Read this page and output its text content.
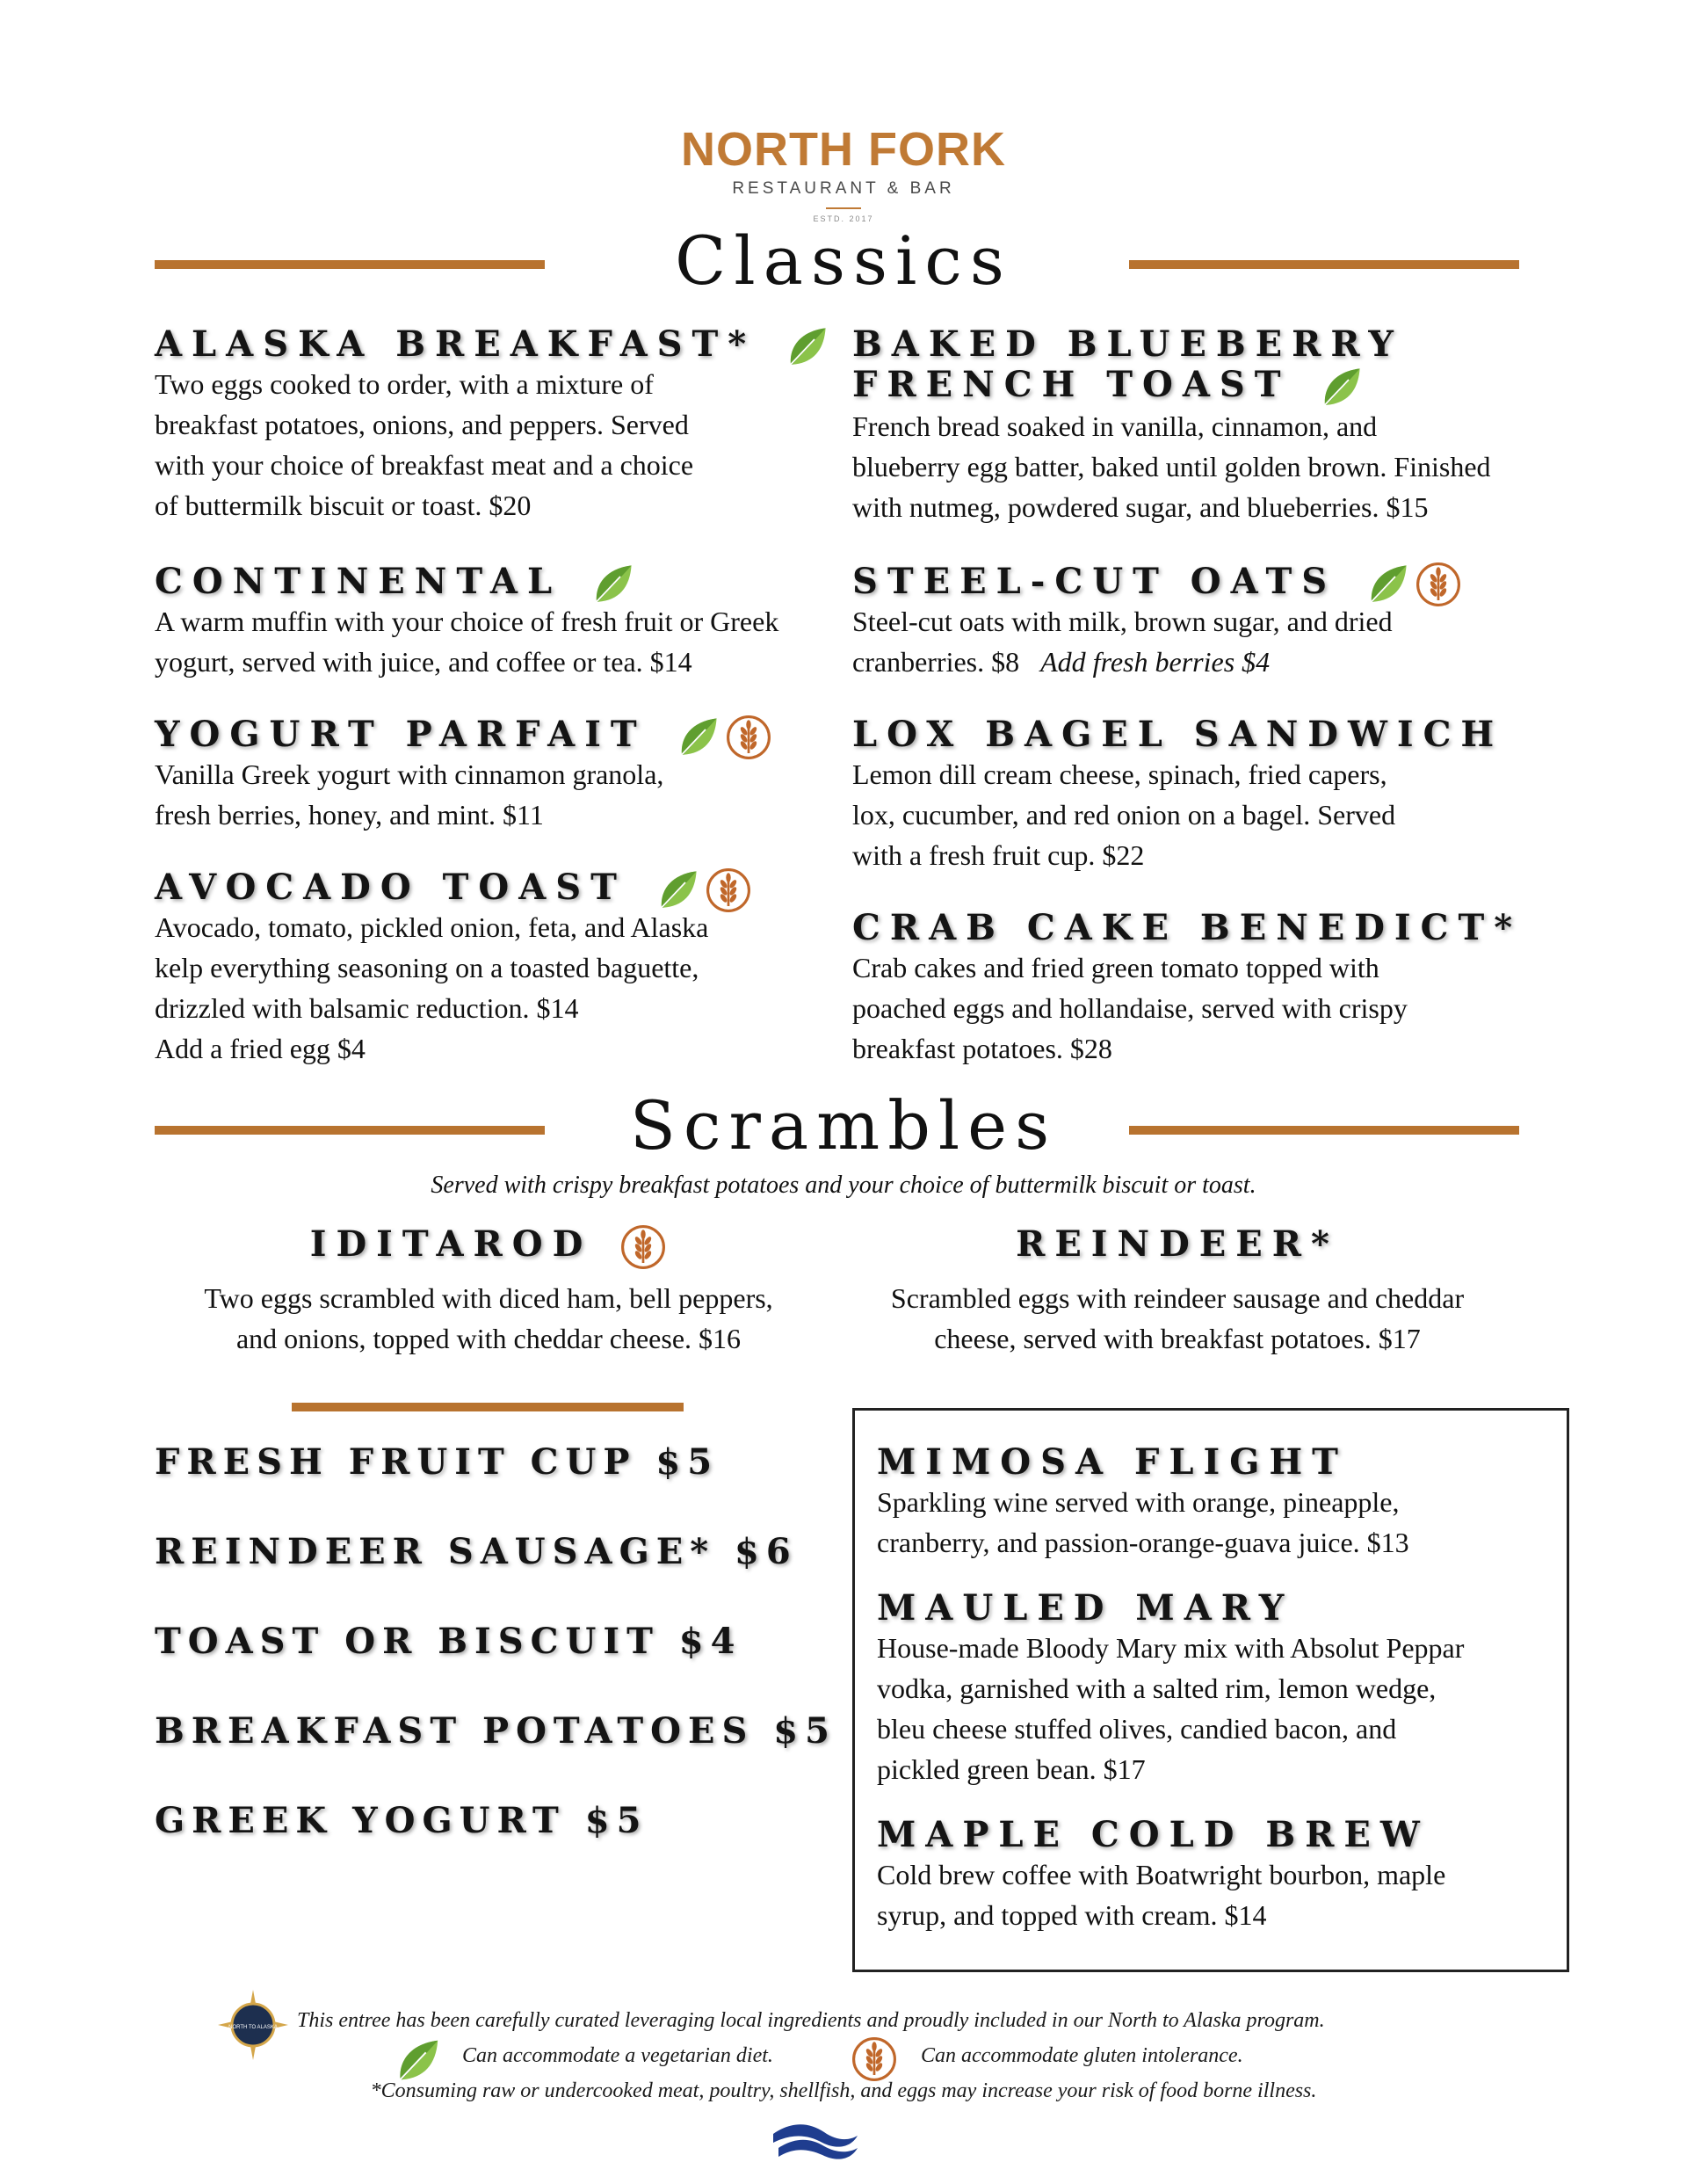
NORTH FORK
RESTAURANT & BAR
ESTD. 2017
Classics
ALASKA BREAKFAST*
Two eggs cooked to order, with a mixture of
breakfast potatoes, onions, and peppers. Served
with your choice of breakfast meat and a choice
of buttermilk biscuit or toast. $20
CONTINENTAL
A warm muffin with your choice of fresh fruit or Greek
yogurt, served with juice, and coffee or tea. $14
YOGURT PARFAIT
Vanilla Greek yogurt with cinnamon granola,
fresh berries, honey, and mint. $11
AVOCADO TOAST
Avocado, tomato, pickled onion, feta, and Alaska
kelp everything seasoning on a toasted baguette,
drizzled with balsamic reduction. $14
Add a fried egg $4
BAKED BLUEBERRY
FRENCH TOAST
French bread soaked in vanilla, cinnamon, and
blueberry egg batter, baked until golden brown. Finished
with nutmeg, powdered sugar, and blueberries. $15
STEEL-CUT OATS
Steel-cut oats with milk, brown sugar, and dried
cranberries. $8 Add fresh berries $4
LOX BAGEL SANDWICH
Lemon dill cream cheese, spinach, fried capers,
lox, cucumber, and red onion on a bagel. Served
with a fresh fruit cup. $22
CRAB CAKE BENEDICT*
Crab cakes and fried green tomato topped with
poached eggs and hollandaise, served with crispy
breakfast potatoes. $28
Scrambles
Served with crispy breakfast potatoes and your choice of buttermilk biscuit or toast.
IDITAROD
Two eggs scrambled with diced ham, bell peppers,
and onions, topped with cheddar cheese. $16
REINDEER*
Scrambled eggs with reindeer sausage and cheddar
cheese, served with breakfast potatoes. $17
FRESH FRUIT CUP $5
REINDEER SAUSAGE* $6
TOAST OR BISCUIT $4
BREAKFAST POTATOES $5
GREEK YOGURT $5
MIMOSA FLIGHT
Sparkling wine served with orange, pineapple,
cranberry, and passion-orange-guava juice. $13
MAULED MARY
House-made Bloody Mary mix with Absolut Peppar
vodka, garnished with a salted rim, lemon wedge,
bleu cheese stuffed olives, candied bacon, and
pickled green bean. $17
MAPLE COLD BREW
Cold brew coffee with Boatwright bourbon, maple
syrup, and topped with cream. $14
NORTH TO ALASKA This entree has been carefully curated leveraging local ingredients and proudly included in our North to Alaska program.
Can accommodate a vegetarian diet.	Can accommodate gluten intolerance.
*Consuming raw or undercooked meat, poultry, shellfish, and eggs may increase your risk of food borne illness.
